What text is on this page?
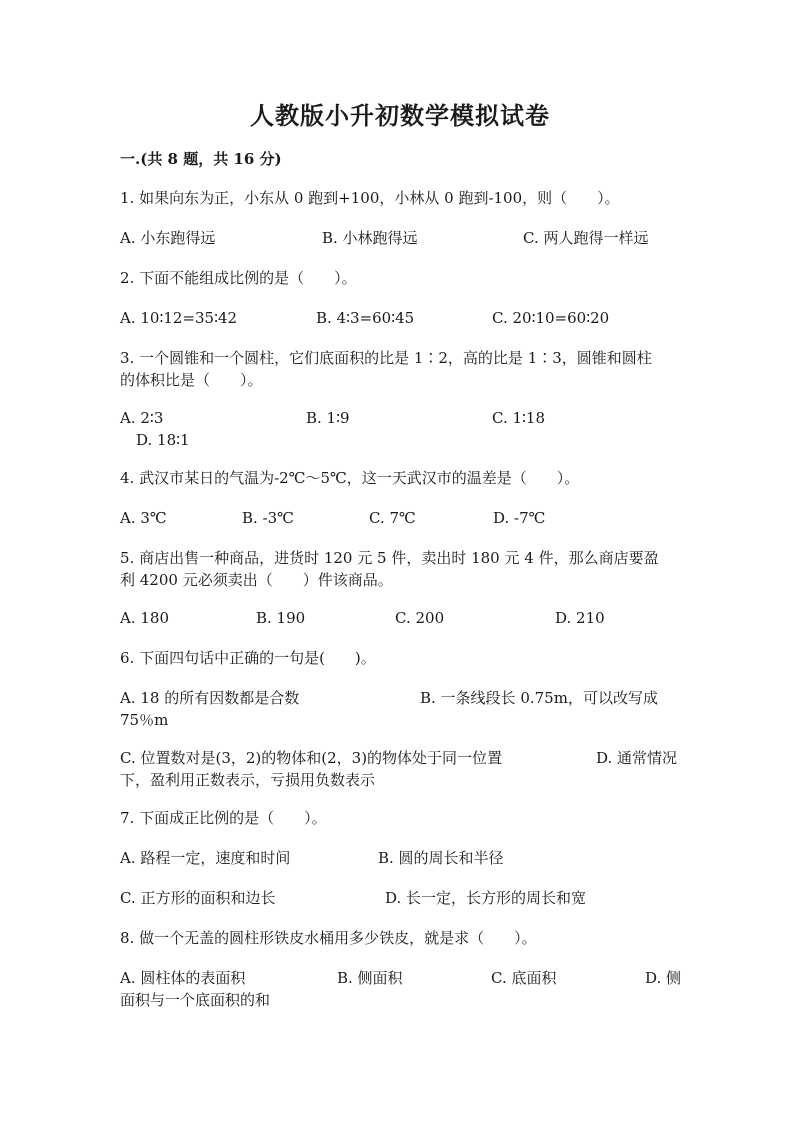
人教版小升初数学模拟试卷
一.(共 8 题，共 16 分)
1. 如果向东为正，小东从 0 跑到+100，小林从 0 跑到-100，则（　　）。
A. 小东跑得远	B. 小林跑得远	C. 两人跑得一样远
2. 下面不能组成比例的是（　　）。
A. 10∶12=35∶42	B. 4∶3=60∶45	C. 20∶10=60∶20
3. 一个圆锥和一个圆柱，它们底面积的比是 1∶2，高的比是 1∶3，圆锥和圆柱
的体积比是（　　）。
A. 2∶3	B. 1∶9	C. 1∶18
D. 18∶1
4. 武汉市某日的气温为-2℃～5℃，这一天武汉市的温差是（　　）。
A. 3℃	B. -3℃	C. 7℃	D. -7℃
5. 商店出售一种商品，进货时 120 元 5 件，卖出时 180 元 4 件，那么商店要盈
利 4200 元必须卖出（　　）件该商品。
A. 180	B. 190	C. 200	D. 210
6. 下面四句话中正确的一句是(　　)。
A. 18 的所有因数都是合数	B. 一条线段长 0.75m，可以改写成
75％m
C. 位置数对是(3，2)的物体和(2，3)的物体处于同一位置	D. 通常情况
下，盈利用正数表示，亏损用负数表示
7. 下面成正比例的是（　　）。
A. 路程一定，速度和时间	B. 圆的周长和半径
C. 正方形的面积和边长	D. 长一定，长方形的周长和宽
8. 做一个无盖的圆柱形铁皮水桶用多少铁皮，就是求（　　）。
A. 圆柱体的表面积	B. 侧面积	C. 底面积	D. 侧
面积与一个底面积的和
